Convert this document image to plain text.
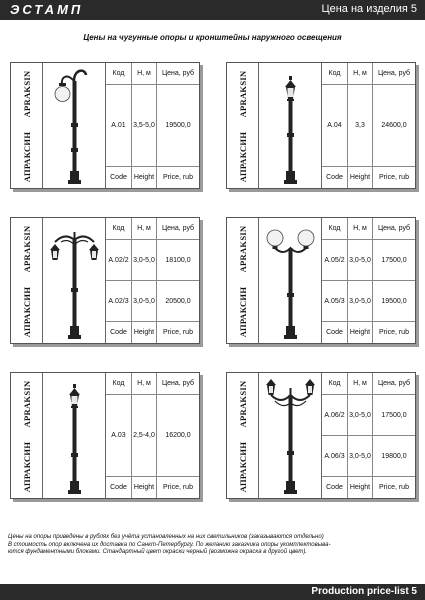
ЭСТАМП	Цена на изделия 5
Цены на чугунные опоры и кронштейны наружного освещения
APRAKSIN
АПРАКСИН
Код	Н, м	Цена, руб
А.01	3,5-5,0	19500,0
Code	Height	Price, rub
APRAKSIN
АПРАКСИН
Код	Н, м	Цена, руб
А.04	3,3	24600,0
Code	Height	Price, rub
APRAKSIN
АПРАКСИН
Код	Н, м	Цена, руб
А.02/2 3,0-5,0	18100,0
А.02/3 3,0-5,0	20500,0
Code	Height	Price, rub
APRAKSIN
АПРАКСИН
Код	Н, м	Цена, руб
А.05/2 3,0-5,0	17500,0
А.05/3 3,0-5,0	19500,0
Code	Height	Price, rub
APRAKSIN
АПРАКСИН
Код	Н, м	Цена, руб
А.03	2,5-4,0	16200,0
Code	Height	Price, rub
APRAKSIN
АПРАКСИН
Код	Н, м	Цена, руб
А.06/2 3,0-5,0	17500,0
А.06/3 3,0-5,0	19800,0
Code	Height	Price, rub
Цены на опоры приведены в рублях без учёта установленных на них светильников (заказываются отдельно)
В стоимость опор включена их доставка по Санкт-Петербургу. По желанию заказчика опоры укомплектовыва-
ются фундаментными блоками. Стандартный цвет окраски черный (возможна окраска в другой цвет).
Production price-list 5
